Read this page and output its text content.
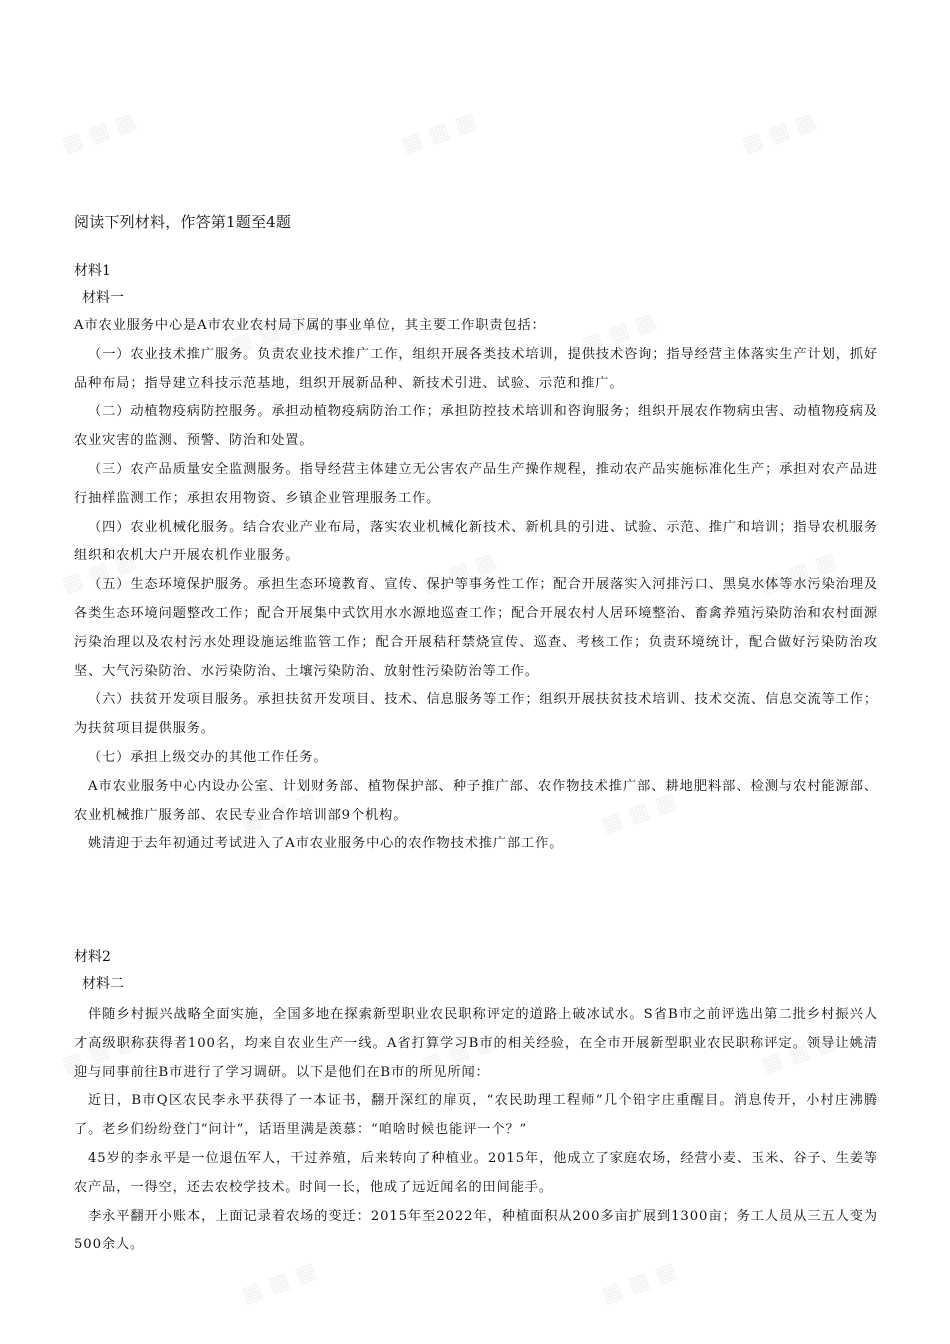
▦ ▦ ▦	▦ ▦ ▦	▦ ▦ ▦
▦ ▦ ▦	▦ ▦ ▦
▦ ▦ ▦	▦ ▦ ▦	▦ ▦ ▦
▦ ▦ ▦	▦ ▦ ▦
▦ ▦ ▦	▦ ▦ ▦	▦ ▦ ▦
▦ ▦ ▦	▦ ▦ ▦
阅读下列材料，作答第1题至4题
材料1
材料一

A市农业服务中心是A市农业农村局下属的事业单位，其主要工作职责包括：

（一）农业技术推广服务。负责农业技术推广工作，组织开展各类技术培训，提供技术咨询；指导经营主体落实生产计划，抓好品种布局；指导建立科技示范基地，组织开展新品种、新技术引进、试验、示范和推广。

（二）动植物疫病防控服务。承担动植物疫病防治工作；承担防控技术培训和咨询服务；组织开展农作物病虫害、动植物疫病及农业灾害的监测、预警、防治和处置。

（三）农产品质量安全监测服务。指导经营主体建立无公害农产品生产操作规程，推动农产品实施标准化生产；承担对农产品进行抽样监测工作；承担农用物资、乡镇企业管理服务工作。

（四）农业机械化服务。结合农业产业布局，落实农业机械化新技术、新机具的引进、试验、示范、推广和培训；指导农机服务组织和农机大户开展农机作业服务。

（五）生态环境保护服务。承担生态环境教育、宣传、保护等事务性工作；配合开展落实入河排污口、黑臭水体等水污染治理及各类生态环境问题整改工作；配合开展集中式饮用水水源地巡查工作；配合开展农村人居环境整治、畜禽养殖污染防治和农村面源污染治理以及农村污水处理设施运维监管工作；配合开展秸秆禁烧宣传、巡查、考核工作；负责环境统计，配合做好污染防治攻坚、大气污染防治、水污染防治、土壤污染防治、放射性污染防治等工作。

（六）扶贫开发项目服务。承担扶贫开发项目、技术、信息服务等工作；组织开展扶贫技术培训、技术交流、信息交流等工作；为扶贫项目提供服务。

（七）承担上级交办的其他工作任务。

A市农业服务中心内设办公室、计划财务部、植物保护部、种子推广部、农作物技术推广部、耕地肥料部、检测与农村能源部、农业机械推广服务部、农民专业合作培训部9个机构。

姚清迎于去年初通过考试进入了A市农业服务中心的农作物技术推广部工作。

材料2
材料二

伴随乡村振兴战略全面实施，全国多地在探索新型职业农民职称评定的道路上破冰试水。S省B市之前评选出第二批乡村振兴人才高级职称获得者100名，均来自农业生产一线。A省打算学习B市的相关经验，在全市开展新型职业农民职称评定。领导让姚清迎与同事前往B市进行了学习调研。以下是他们在B市的所见所闻：

近日，B市Q区农民李永平获得了一本证书，翻开深红的扉页，“农民助理工程师”几个铅字庄重醒目。消息传开，小村庄沸腾了。老乡们纷纷登门“问计”，话语里满是羡慕：“咱啥时候也能评一个？”

45岁的李永平是一位退伍军人，干过养殖，后来转向了种植业。2015年，他成立了家庭农场，经营小麦、玉米、谷子、生姜等农产品，一得空，还去农校学技术。时间一长，他成了远近闻名的田间能手。

李永平翻开小账本，上面记录着农场的变迁：2015年至2022年，种植面积从200多亩扩展到1300亩；务工人员从三五人变为500余人。
